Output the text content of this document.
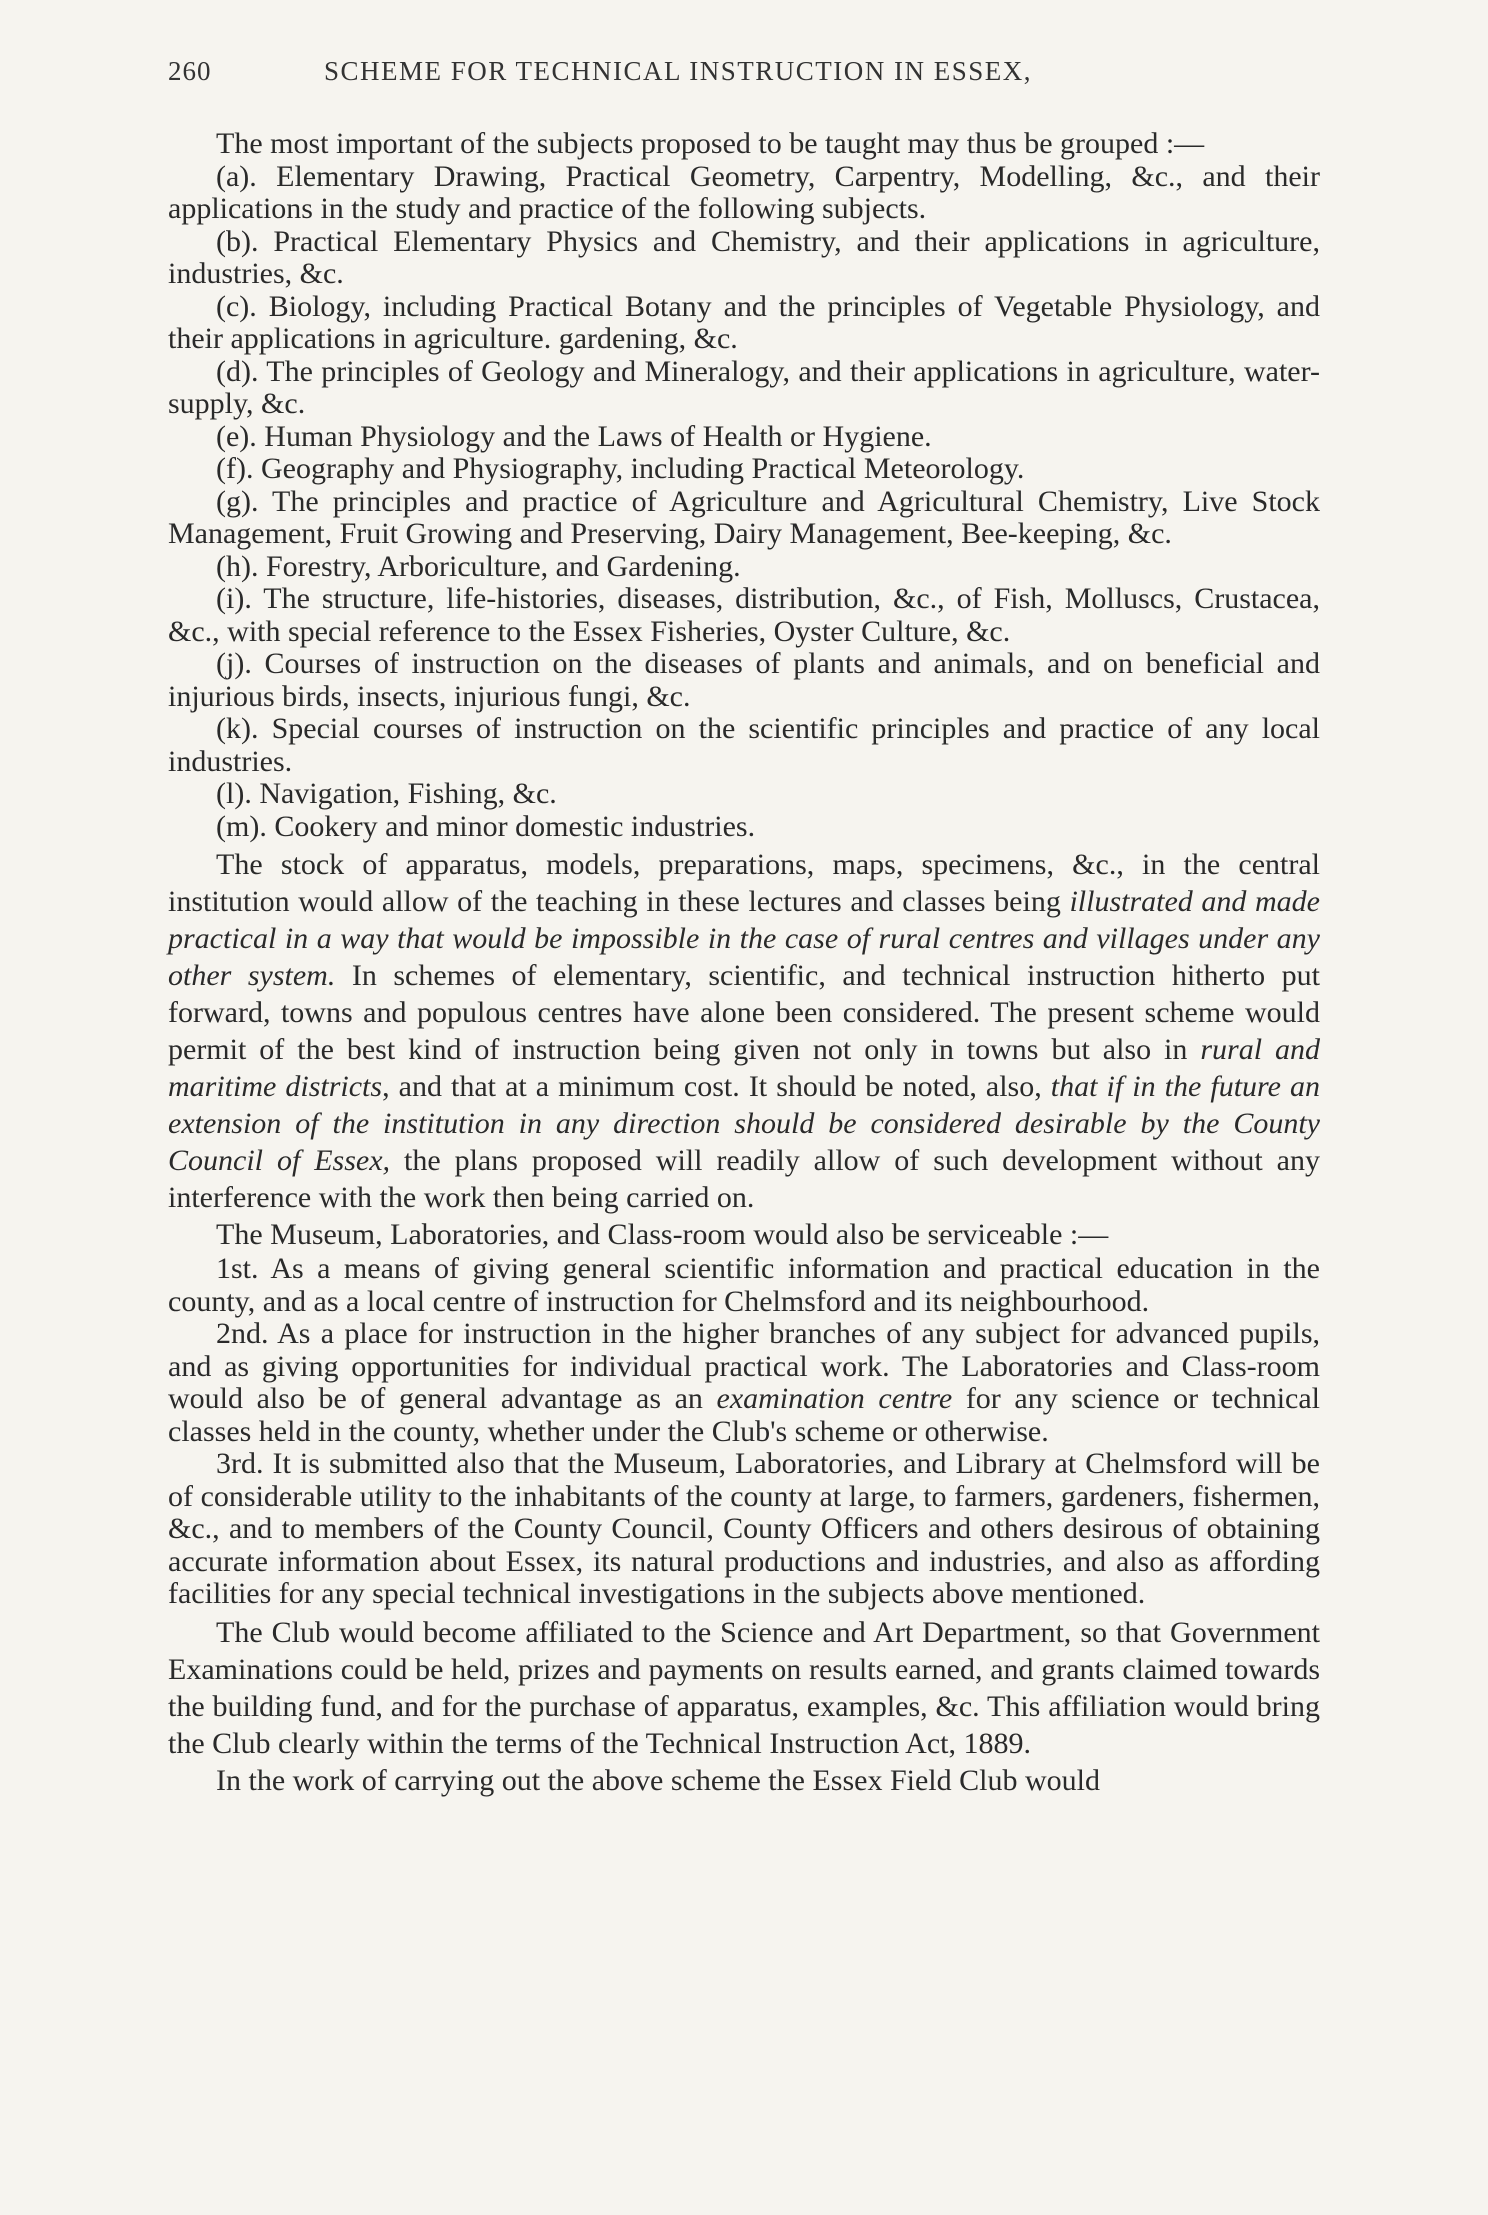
260	SCHEME FOR TECHNICAL INSTRUCTION IN ESSEX,

The most important of the subjects proposed to be taught may thus be grouped :—

(a). Elementary Drawing, Practical Geometry, Carpentry, Modelling, &c., and their applications in the study and practice of the following subjects.

(b). Practical Elementary Physics and Chemistry, and their applications in agriculture, industries, &c.

(c). Biology, including Practical Botany and the principles of Vegetable Physiology, and their applications in agriculture. gardening, &c.

(d). The principles of Geology and Mineralogy, and their applications in agriculture, water-supply, &c.

(e). Human Physiology and the Laws of Health or Hygiene.

(f). Geography and Physiography, including Practical Meteorology.

(g). The principles and practice of Agriculture and Agricultural Chemistry, Live Stock Management, Fruit Growing and Preserving, Dairy Management, Bee-keeping, &c.

(h). Forestry, Arboriculture, and Gardening.

(i). The structure, life-histories, diseases, distribution, &c., of Fish, Molluscs, Crustacea, &c., with special reference to the Essex Fisheries, Oyster Culture, &c.

(j). Courses of instruction on the diseases of plants and animals, and on beneficial and injurious birds, insects, injurious fungi, &c.

(k). Special courses of instruction on the scientific principles and practice of any local industries.

(l). Navigation, Fishing, &c.

(m). Cookery and minor domestic industries.

The stock of apparatus, models, preparations, maps, specimens, &c., in the central institution would allow of the teaching in these lectures and classes being illustrated and made practical in a way that would be impossible in the case of rural centres and villages under any other system. In schemes of elementary, scientific, and technical instruction hitherto put forward, towns and populous centres have alone been considered. The present scheme would permit of the best kind of instruction being given not only in towns but also in rural and maritime districts, and that at a minimum cost. It should be noted, also, that if in the future an extension of the institution in any direction should be considered desirable by the County Council of Essex, the plans proposed will readily allow of such development without any interference with the work then being carried on.

The Museum, Laboratories, and Class-room would also be serviceable :—

1st. As a means of giving general scientific information and practical education in the county, and as a local centre of instruction for Chelmsford and its neighbourhood.

2nd. As a place for instruction in the higher branches of any subject for advanced pupils, and as giving opportunities for individual practical work. The Laboratories and Class-room would also be of general advantage as an examination centre for any science or technical classes held in the county, whether under the Club's scheme or otherwise.

3rd. It is submitted also that the Museum, Laboratories, and Library at Chelmsford will be of considerable utility to the inhabitants of the county at large, to farmers, gardeners, fishermen, &c., and to members of the County Council, County Officers and others desirous of obtaining accurate information about Essex, its natural productions and industries, and also as affording facilities for any special technical investigations in the subjects above mentioned.

The Club would become affiliated to the Science and Art Department, so that Government Examinations could be held, prizes and payments on results earned, and grants claimed towards the building fund, and for the purchase of apparatus, examples, &c. This affiliation would bring the Club clearly within the terms of the Technical Instruction Act, 1889.

In the work of carrying out the above scheme the Essex Field Club would
